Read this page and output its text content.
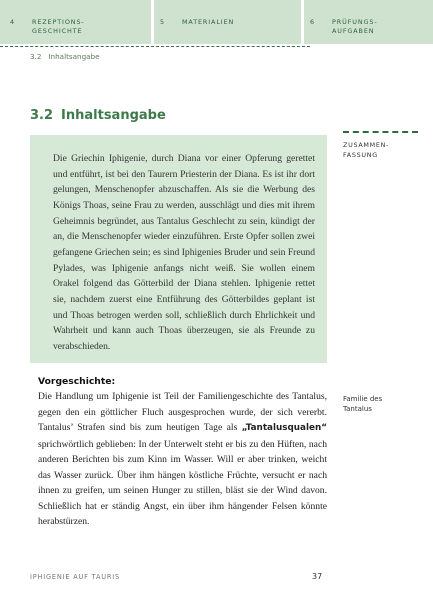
4	REZEPTIONS-
GESCHICHTE
5	MATERIALIEN	6	PRÜFUNGS-
AUFGABEN
3.2 Inhaltsangabe
3.2 Inhaltsangabe
ZUSAMMEN-
FASSUNG

Die Griechin Iphigenie, durch Diana vor einer Opferung gerettet und entführt, ist bei den Taurern Priesterin der Diana. Es ist ihr dort gelungen, Menschenopfer abzuschaffen. Als sie die Werbung des Königs Thoas, seine Frau zu werden, ausschlägt und dies mit ihrem Geheimnis begründet, aus Tantalus Geschlecht zu sein, kündigt der an, die Menschenopfer wieder einzuführen. Erste Opfer sollen zwei gefangene Griechen sein; es sind Iphigenies Bruder und sein Freund Pylades, was Iphigenie anfangs nicht weiß. Sie wollen einem Orakel folgend das Götterbild der Diana stehlen. Iphigenie rettet sie, nachdem zuerst eine Entführung des Götterbildes geplant ist und Thoas betrogen werden soll, schließlich durch Ehrlichkeit und Wahrheit und kann auch Thoas überzeugen, sie als Freunde zu verabschieden.

Vorgeschichte:

Die Handlung um Iphigenie ist Teil der Familiengeschichte des Tantalus, gegen den ein göttlicher Fluch ausgesprochen wurde, der sich vererbt. Tantalus’ Strafen sind bis zum heutigen Tage als „Tantalusqualen“ sprichwörtlich geblieben: In der Unterwelt steht er bis zu den Hüften, nach anderen Berichten bis zum Kinn im Wasser. Will er aber trinken, weicht das Wasser zurück. Über ihm hängen köstliche Früchte, versucht er nach ihnen zu greifen, um seinen Hunger zu stillen, bläst sie der Wind davon. Schließlich hat er ständig Angst, ein über ihm hängender Felsen könnte herabstürzen.

Familie des
Tantalus
IPHIGENIE AUF TAURIS	37
